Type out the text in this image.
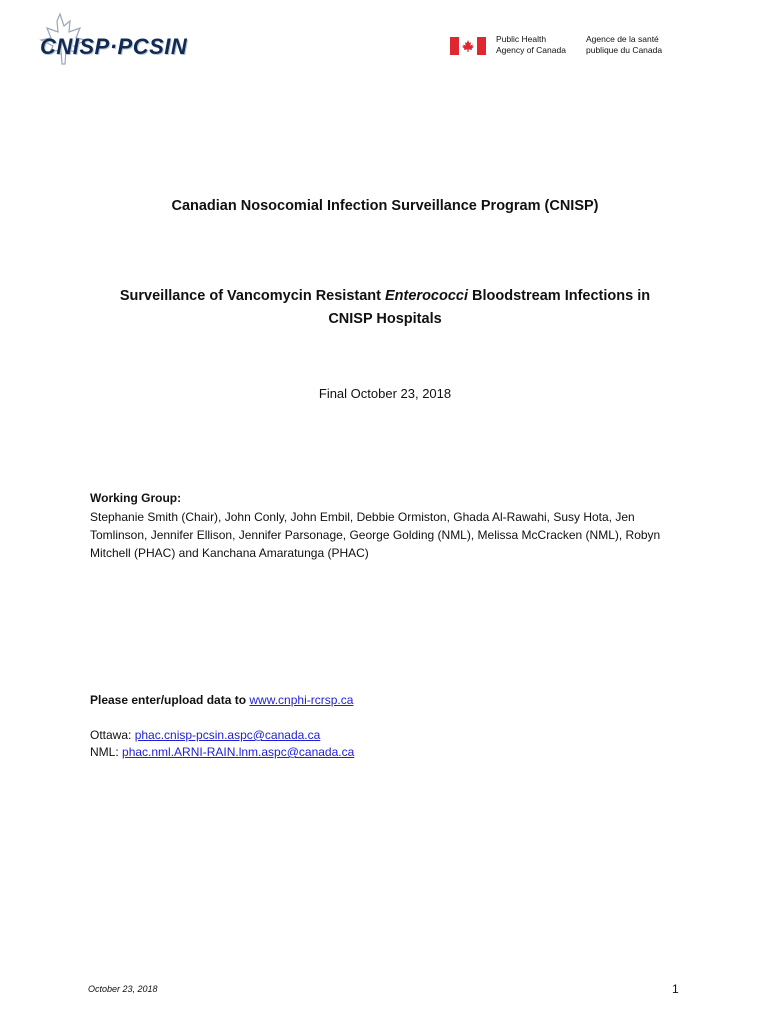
CNISP·PCSIN	Public Health
Agency of Canada
Agence de la santé
publique du Canada
Canadian Nosocomial Infection Surveillance Program (CNISP)
Surveillance of Vancomycin Resistant Enterococci Bloodstream Infections in
CNISP Hospitals
Final October 23, 2018
Working Group:
Stephanie Smith (Chair), John Conly, John Embil, Debbie Ormiston, Ghada Al-Rawahi, Susy Hota, Jen Tomlinson, Jennifer Ellison, Jennifer Parsonage, George Golding (NML), Melissa McCracken (NML), Robyn Mitchell (PHAC) and Kanchana Amaratunga (PHAC)
Please enter/upload data to www.cnphi-rcrsp.ca
Ottawa: phac.cnisp-pcsin.aspc@canada.ca
NML: phac.nml.ARNI-RAIN.lnm.aspc@canada.ca
October 23, 2018	1
